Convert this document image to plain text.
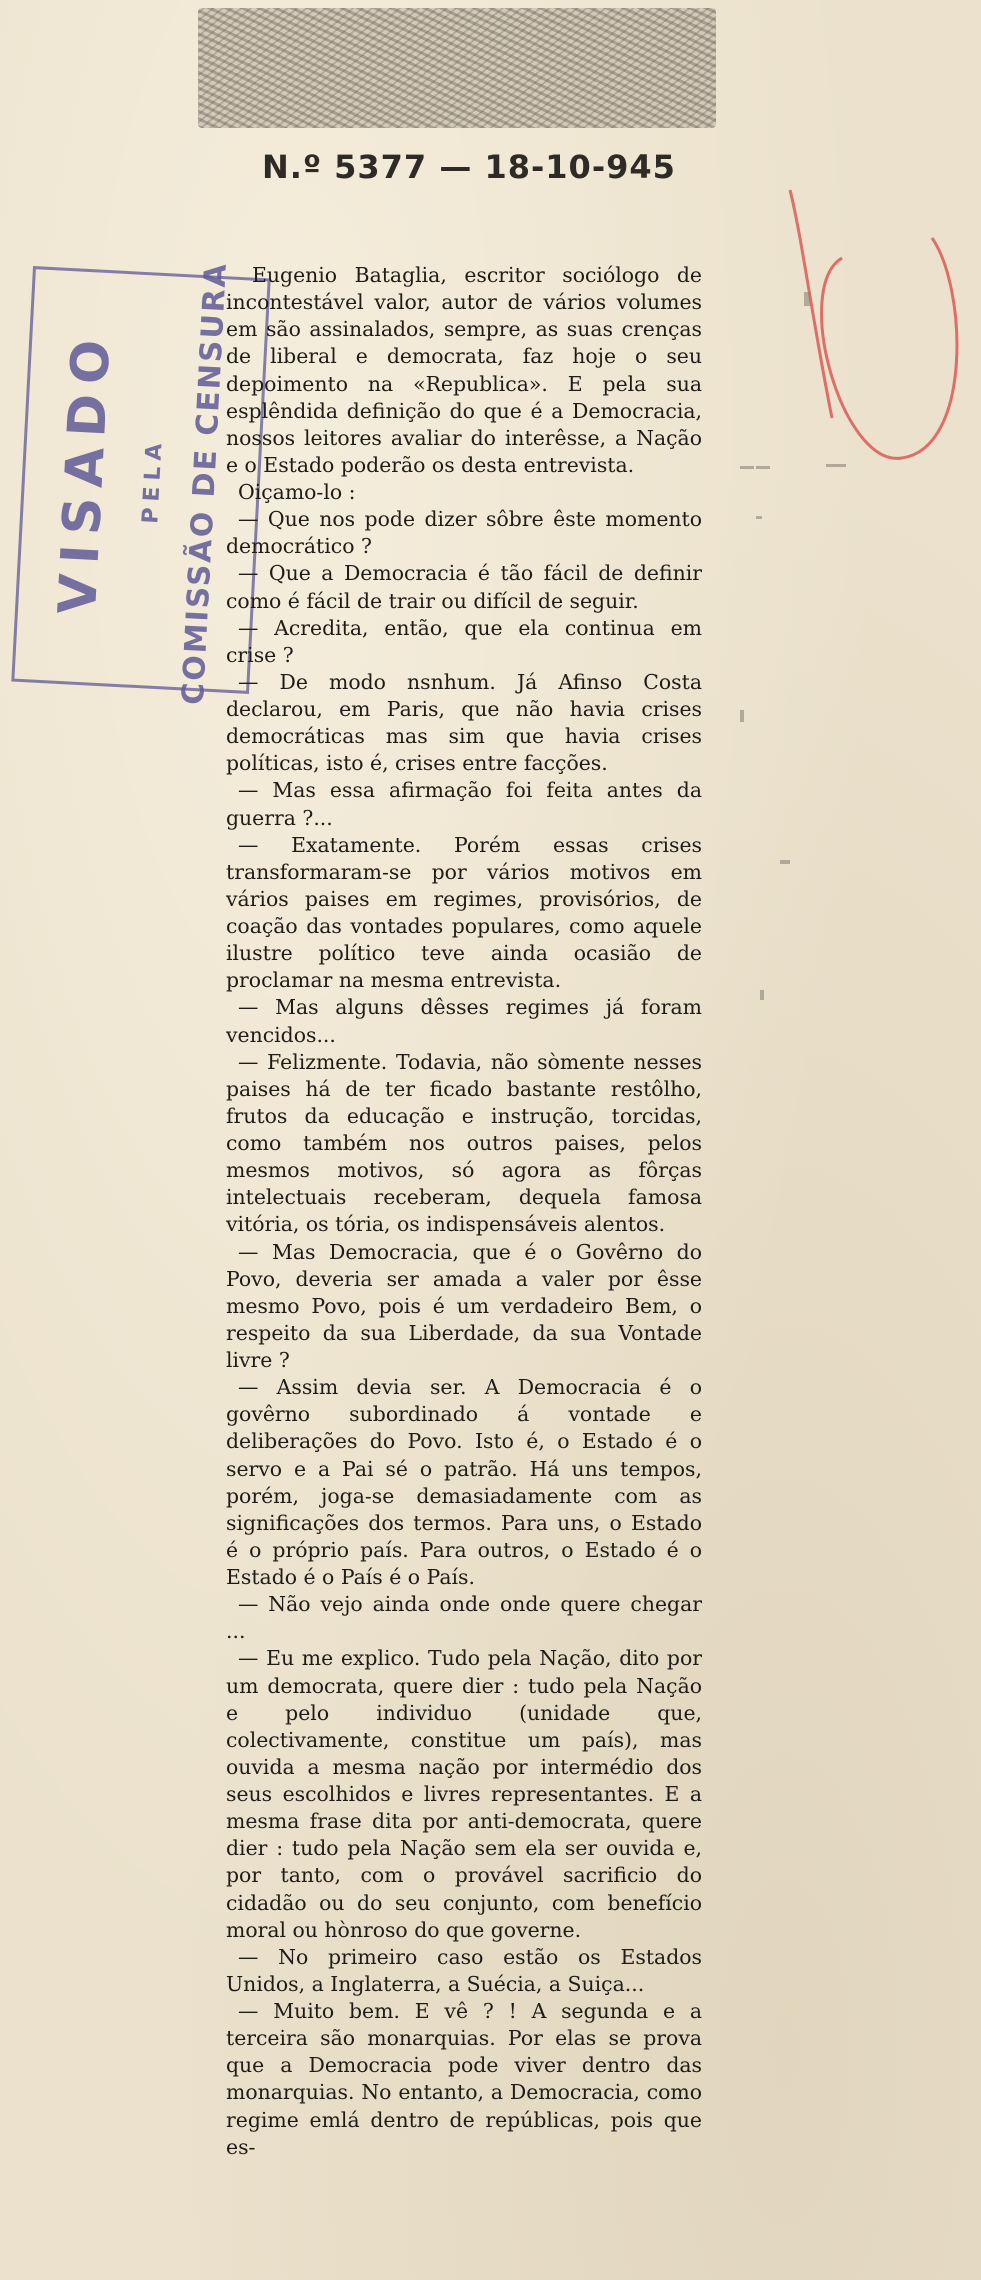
N.º 5377 — 18-10-945

VISADO PELA COMISSÃO DE CENSURA Eugenio Bataglia, escritor sociólogo de incontestável valor, autor de vários volumes em são assinalados, sempre, as suas crenças de liberal e democrata, faz hoje o seu depoimento na «Republica». E pela sua esplêndida definição do que é a Democracia, nossos leitores avaliar do interêsse, a Nação e o Estado poderão os desta entrevista.

Oiçamo-lo :

— Que nos pode dizer sôbre êste momento democrático ?

— Que a Democracia é tão fácil de definir como é fácil de trair ou difícil de seguir.

— Acredita, então, que ela continua em crise ?

— De modo nsnhum. Já Afinso Costa declarou, em Paris, que não havia crises democráticas mas sim que havia crises políticas, isto é, crises entre facções.

— Mas essa afirmação foi feita antes da guerra ?...

— Exatamente. Porém essas crises transformaram-se por vários motivos em vários paises em regimes, provisórios, de coação das vontades populares, como aquele ilustre político teve ainda ocasião de proclamar na mesma entrevista.

— Mas alguns dêsses regimes já foram vencidos...

— Felizmente. Todavia, não sòmente nesses paises há de ter ficado bastante restôlho, frutos da educação e instrução, torcidas, como também nos outros paises, pelos mesmos motivos, só agora as fôrças intelectuais receberam, dequela famosa vitória, os tória, os indispensáveis alentos.

— Mas Democracia, que é o Govêrno do Povo, deveria ser amada a valer por êsse mesmo Povo, pois é um verdadeiro Bem, o respeito da sua Liberdade, da sua Vontade livre ?

— Assim devia ser. A Democracia é o govêrno subordinado á vontade e deliberações do Povo. Isto é, o Estado é o servo e a Pai sé o patrão. Há uns tempos, porém, joga-se demasiadamente com as significações dos termos. Para uns, o Estado é o próprio país. Para outros, o Estado é o Estado é o País é o País.

— Não vejo ainda onde onde quere chegar ...

— Eu me explico. Tudo pela Nação, dito por um democrata, quere dier : tudo pela Nação e pelo individuo (unidade que, colectivamente, constitue um país), mas ouvida a mesma nação por intermédio dos seus escolhidos e livres representantes. E a mesma frase dita por anti-democrata, quere dier : tudo pela Nação sem ela ser ouvida e, por tanto, com o provável sacrificio do cidadão ou do seu conjunto, com benefício moral ou hònroso do que governe.

— No primeiro caso estão os Estados Unidos, a Inglaterra, a Suécia, a Suiça...

— Muito bem. E vê ? ! A segunda e a terceira são monarquias. Por elas se prova que a Democracia pode viver dentro das monarquias. No entanto, a Democracia, como regime emlá dentro de repúblicas, pois que es-
